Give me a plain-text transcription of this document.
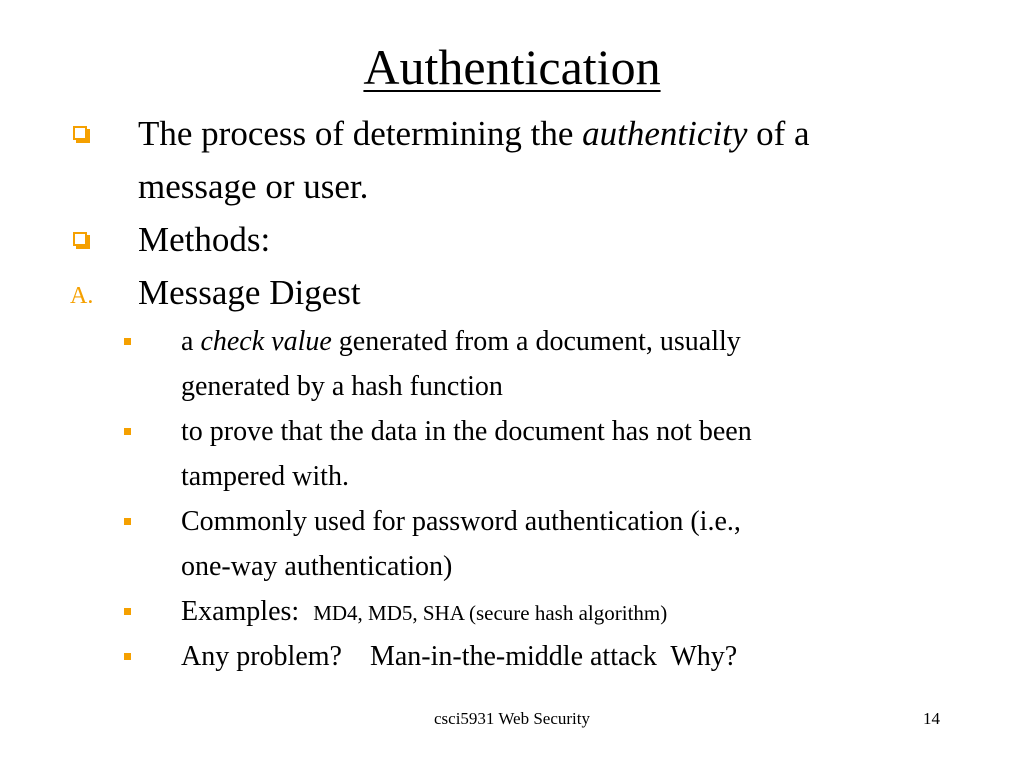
Authentication
The process of determining the authenticity of a
message or user.
Methods:
A. Message Digest
a check value generated from a document, usually
generated by a hash function
to prove that the data in the document has not been
tampered with.
Commonly used for password authentication (i.e.,
one-way authentication)
Examples:  MD4, MD5, SHA (secure hash algorithm)
Any problem?    Man-in-the-middle attack  Why?
csci5931 Web Security	14
